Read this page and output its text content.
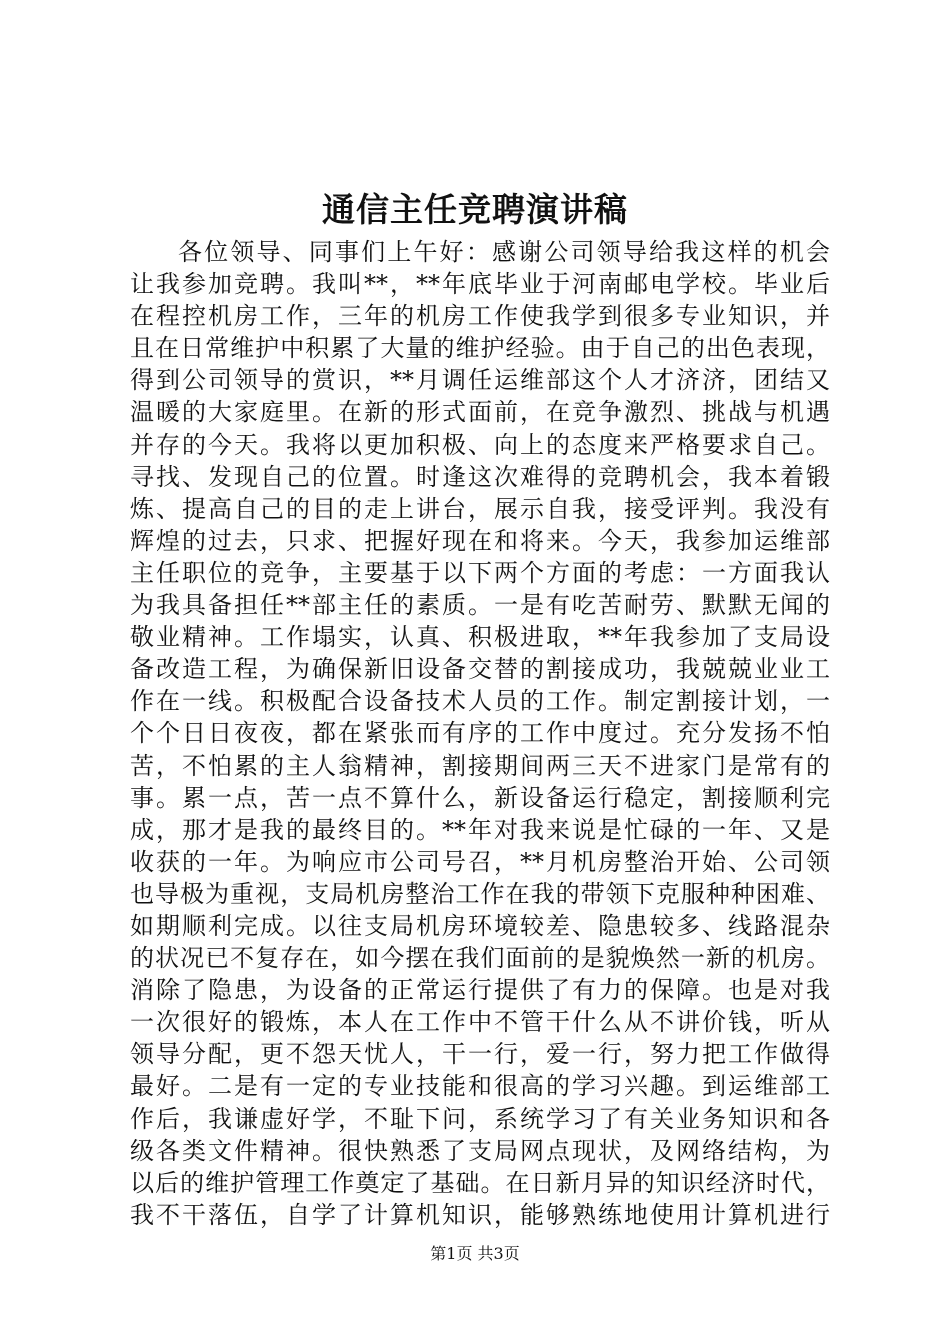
通信主任竞聘演讲稿
各位领导、同事们上午好：感谢公司领导给我这样的机会
让我参加竞聘。我叫**，**年底毕业于河南邮电学校。毕业后
在程控机房工作，三年的机房工作使我学到很多专业知识，并
且在日常维护中积累了大量的维护经验。由于自己的出色表现，
得到公司领导的赏识，**月调任运维部这个人才济济，团结又
温暖的大家庭里。在新的形式面前，在竞争激烈、挑战与机遇
并存的今天。我将以更加积极、向上的态度来严格要求自己。
寻找、发现自己的位置。时逢这次难得的竞聘机会，我本着锻
炼、提高自己的目的走上讲台，展示自我，接受评判。我没有
辉煌的过去，只求、把握好现在和将来。今天，我参加运维部
主任职位的竞争，主要基于以下两个方面的考虑：一方面我认
为我具备担任**部主任的素质。一是有吃苦耐劳、默默无闻的
敬业精神。工作塌实，认真、积极进取，**年我参加了支局设
备改造工程，为确保新旧设备交替的割接成功，我兢兢业业工
作在一线。积极配合设备技术人员的工作。制定割接计划，一
个个日日夜夜，都在紧张而有序的工作中度过。充分发扬不怕
苦，不怕累的主人翁精神，割接期间两三天不进家门是常有的
事。累一点，苦一点不算什么，新设备运行稳定，割接顺利完
成，那才是我的最终目的。**年对我来说是忙碌的一年、又是
收获的一年。为响应市公司号召，**月机房整治开始、公司领
也导极为重视，支局机房整治工作在我的带领下克服种种困难、
如期顺利完成。以往支局机房环境较差、隐患较多、线路混杂
的状况已不复存在，如今摆在我们面前的是貌焕然一新的机房。
消除了隐患，为设备的正常运行提供了有力的保障。也是对我
一次很好的锻炼，本人在工作中不管干什么从不讲价钱，听从
领导分配，更不怨天忧人，干一行，爱一行，努力把工作做得
最好。二是有一定的专业技能和很高的学习兴趣。到运维部工
作后，我谦虚好学，不耻下问，系统学习了有关业务知识和各
级各类文件精神。很快熟悉了支局网点现状，及网络结构，为
以后的维护管理工作奠定了基础。在日新月异的知识经济时代，
我不干落伍，自学了计算机知识，能够熟练地使用计算机进行
第1页 共3页
